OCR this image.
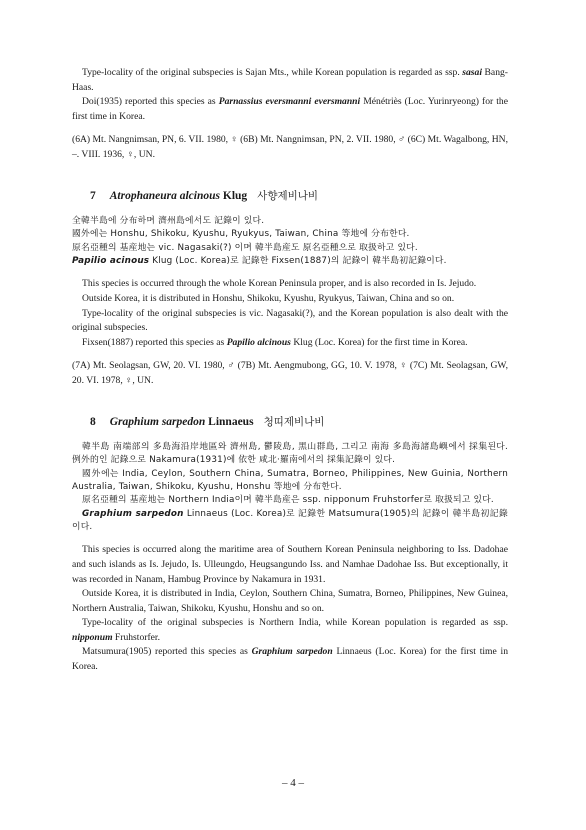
Type-locality of the original subspecies is Sajan Mts., while Korean population is regarded as ssp. sasai Bang-Haas.

Doi(1935) reported this species as Parnassius eversmanni eversmanni Ménétriès (Loc. Yurinryeong) for the first time in Korea.

(6A) Mt. Nangnimsan, PN, 6. VII. 1980, ♀ (6B) Mt. Nangnimsan, PN, 2. VII. 1980, ♂ (6C) Mt. Wagalbong, HN, –. VIII. 1936, ♀, UN.

7 Atrophaneura alcinous Klug 사향제비나비

全韓半島에 分布하며 濟州島에서도 記錄이 있다.

國外에는 Honshu, Shikoku, Kyushu, Ryukyus, Taiwan, China 等地에 分布한다.

原名亞種의 基産地는 vic. Nagasaki(?) 이며 韓半島産도 原名亞種으로 取扱하고 있다.

Papilio acinous Klug (Loc. Korea)로 記錄한 Fixsen(1887)의 記錄이 韓半島初記錄이다.

This species is occurred through the whole Korean Peninsula proper, and is also recorded in Is. Jejudo.

Outside Korea, it is distributed in Honshu, Shikoku, Kyushu, Ryukyus, Taiwan, China and so on.

Type-locality of the original subspecies is vic. Nagasaki(?), and the Korean population is also dealt with the original subspecies.

Fixsen(1887) reported this species as Papilio alcinous Klug (Loc. Korea) for the first time in Korea.

(7A) Mt. Seolagsan, GW, 20. VI. 1980, ♂ (7B) Mt. Aengmubong, GG, 10. V. 1978, ♀ (7C) Mt. Seolagsan, GW, 20. VI. 1978, ♀, UN.

8 Graphium sarpedon Linnaeus 청띠제비나비

韓半島 南端部의 多島海沿岸地區와 濟州島, 鬱陵島, 黑山群島, 그리고 南海 多島海諸島嶼에서 採集된다. 例外的인 記錄으로 Nakamura(1931)에 依한 咸北·羅南에서의 採集記錄이 있다.

國外에는 India, Ceylon, Southern China, Sumatra, Borneo, Philippines, New Guinia, Northern Australia, Taiwan, Shikoku, Kyushu, Honshu 等地에 分布한다.

原名亞種의 基産地는 Northern India이며 韓半島産은 ssp. nipponum Fruhstorfer로 取扱되고 있다.

Graphium sarpedon Linnaeus (Loc. Korea)로 記錄한 Matsumura(1905)의 記錄이 韓半島初記錄이다.

This species is occurred along the maritime area of Southern Korean Peninsula neighboring to Iss. Dadohae and such islands as Is. Jejudo, Is. Ulleungdo, Heugsangundo Iss. and Namhae Dadohae Iss. But exceptionally, it was recorded in Nanam, Hambug Province by Nakamura in 1931.

Outside Korea, it is distributed in India, Ceylon, Southern China, Sumatra, Borneo, Philippines, New Guinea, Northern Australia, Taiwan, Shikoku, Kyushu, Honshu and so on.

Type-locality of the original subspecies is Northern India, while Korean population is regarded as ssp. nipponum Fruhstorfer.

Matsumura(1905) reported this species as Graphium sarpedon Linnaeus (Loc. Korea) for the first time in Korea.

– 4 –
